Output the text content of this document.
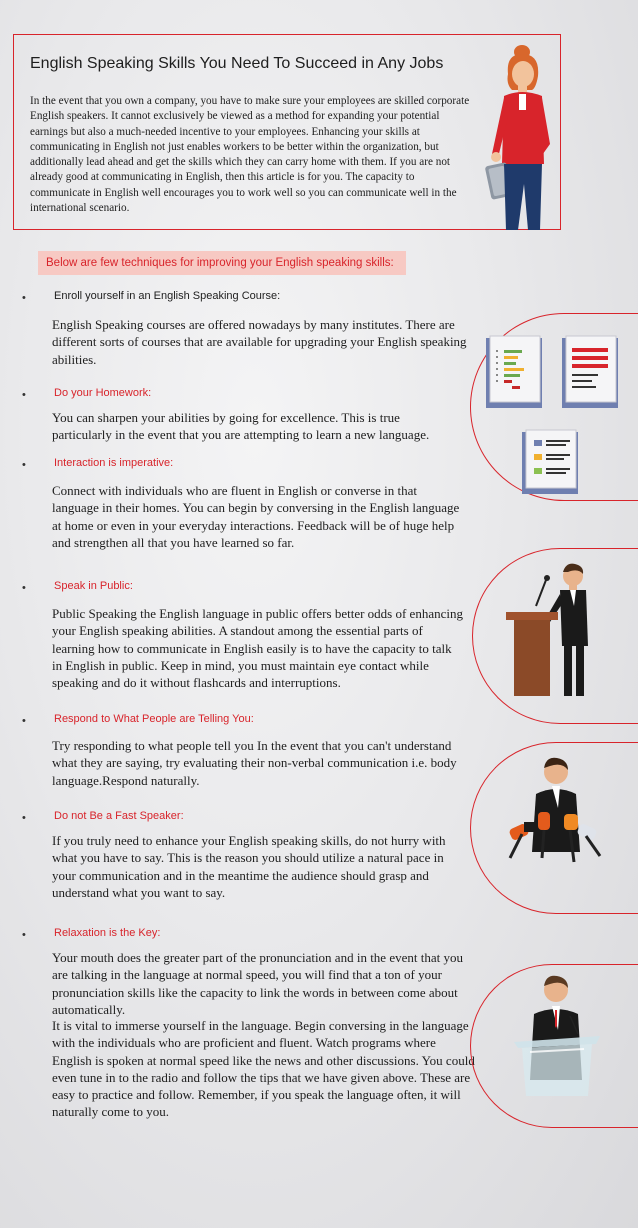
English Speaking Skills You Need To Succeed in Any Jobs
In the event that you own a company, you have to make sure your employees are skilled corporate English speakers. It cannot exclusively be viewed as a method for expanding your potential earnings but also a much-needed incentive to your employees. Enhancing your skills at communicating in English not just enables workers to be better within the organization, but additionally lead ahead and get the skills which they can carry home with them. If you are not already good at communicating in English, then this article is for you. The capacity to communicate in English well encourages you to work well so you can communicate well in the international scenario.
Below are few techniques for improving your English speaking skills:
•	Enroll yourself in an English Speaking Course:
English Speaking courses are offered nowadays by many institutes. There are different sorts of courses that are available for upgrading your English speaking abilities.
•	Do your Homework:
You can sharpen your abilities by going for excellence. This is true particularly in the event that you are attempting to learn a new language.
•	Interaction is imperative:
Connect with individuals who are fluent in English or converse in that language in their homes. You can begin by conversing in the English language at home or even in your everyday interactions. Feedback will be of huge help and strengthen all that you have learned so far.
•	Speak in Public:
Public Speaking the English language in public offers better odds of enhancing your English speaking abilities. A standout among the essential parts of learning how to communicate in English easily is to have the capacity to talk in English in public. Keep in mind, you must maintain eye contact while speaking and do it without flashcards and interruptions.
•	Respond to What People are Telling You:
Try responding to what people tell you In the event that you can't understand what they are saying, try evaluating their non-verbal communication i.e. body language.Respond naturally.
•	Do not Be a Fast Speaker:
If you truly need to enhance your English speaking skills, do not hurry with what you have to say. This is the reason you should utilize a natural pace in your communication and in the meantime the audience should grasp and understand what you want to say.
•	Relaxation is the Key:
Your mouth does the greater part of the pronunciation and in the event that you are talking in the language at normal speed, you will find that a ton of your pronunciation skills like the capacity to link the words in between come about automatically.
It is vital to immerse yourself in the language. Begin conversing in the language with the individuals who are proficient and fluent. Watch programs where English is spoken at normal speed like the news and other discussions. You could even tune in to the radio and follow the tips that we have given above. These are easy to practice and follow. Remember, if you speak the language often, it will naturally come to you.
